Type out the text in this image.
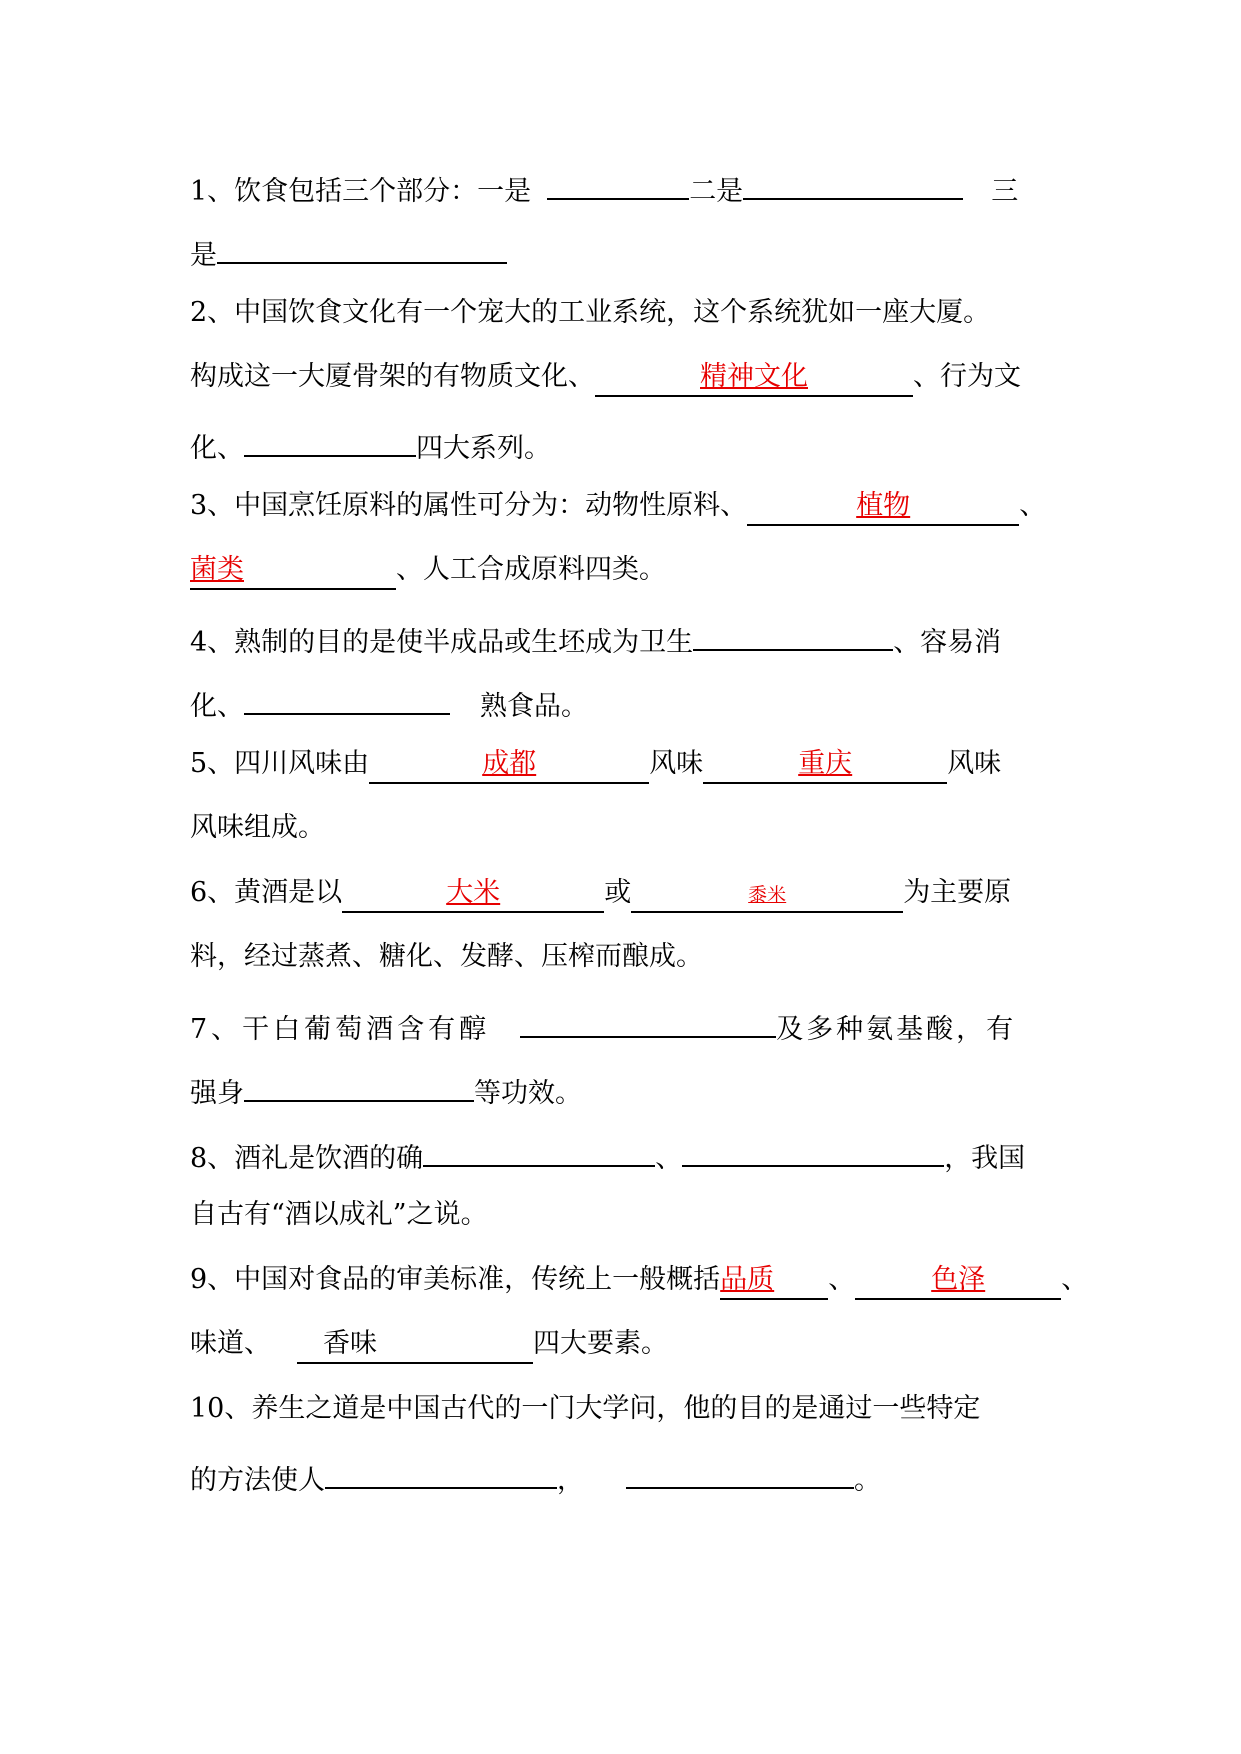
1、饮食包括三个部分：一是	二是	三
是
2、中国饮食文化有一个宠大的工业系统，这个系统犹如一座大厦。
构成这一大厦骨架的有物质文化、	精神文化	、行为文
化、	四大系列。
3、中国烹饪原料的属性可分为：动物性原料、	植物	、
菌类	、人工合成原料四类。
4、熟制的目的是使半成品或生坯成为卫生	、容易消
化、	熟食品。
5、四川风味由	成都	风味	重庆	风味
风味组成。
6、黄酒是以	大米	或	黍米	为主要原
料，经过蒸煮、糖化、发酵、压榨而酿成。
7、干白葡萄酒含有醇	及多种氨基酸，有
强身	等功效。
8、酒礼是饮酒的确	、	，我国
自古有“酒以成礼”之说。
9、中国对食品的审美标准，传统上一般概括品质 、	色泽	、
味道、 香味	四大要素。
10、养生之道是中国古代的一门大学问，他的目的是通过一些特定
的方法使人	，	。
